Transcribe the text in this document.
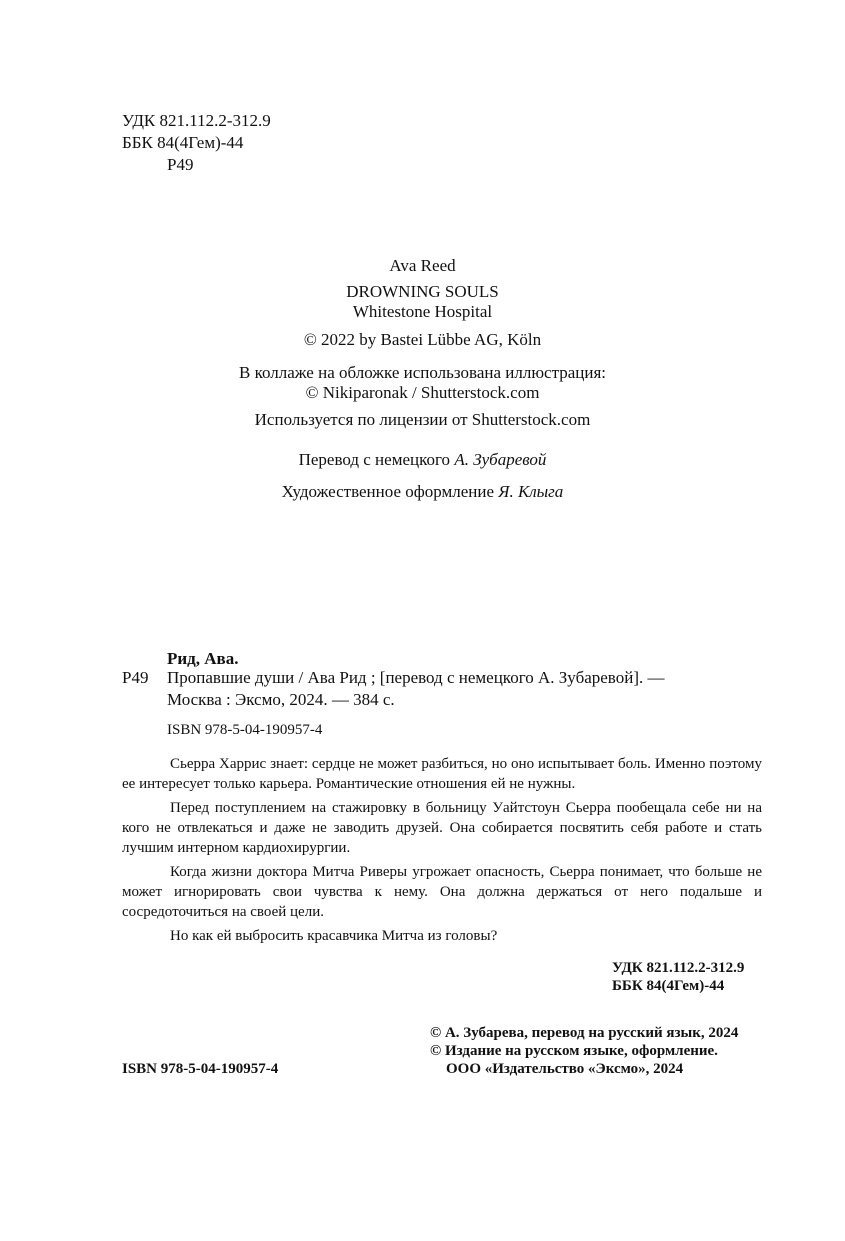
УДК 821.112.2-312.9
ББК 84(4Гем)-44
Р49
Ava Reed
DROWNING SOULS
Whitestone Hospital
© 2022 by Bastei Lübbe AG, Köln
В коллаже на обложке использована иллюстрация:
© Nikiparonak / Shutterstock.com
Используется по лицензии от Shutterstock.com
Перевод с немецкого А. Зубаревой
Художественное оформление Я. Клыга
Рид, Ава.
Р49 Пропавшие души / Ава Рид ; [перевод с немецкого А. Зубаревой]. —
Москва : Эксмо, 2024. — 384 с.
ISBN 978-5-04-190957-4

Сьерра Харрис знает: сердце не может разбиться, но оно испытывает боль. Именно поэтому ее интересует только карьера. Романтические отношения ей не нужны.

Перед поступлением на стажировку в больницу Уайтстоун Сьерра пообещала себе ни на кого не отвлекаться и даже не заводить друзей. Она собирается посвятить себя работе и стать лучшим интерном кардиохирургии.

Когда жизни доктора Митча Риверы угрожает опасность, Сьерра понимает, что больше не может игнорировать свои чувства к нему. Она должна держаться от него подальше и сосредоточиться на своей цели.

Но как ей выбросить красавчика Митча из головы?

УДК 821.112.2-312.9
ББК 84(4Гем)-44
© А. Зубарева, перевод на русский язык, 2024
© Издание на русском языке, оформление.
ООО «Издательство «Эксмо», 2024
ISBN 978-5-04-190957-4
